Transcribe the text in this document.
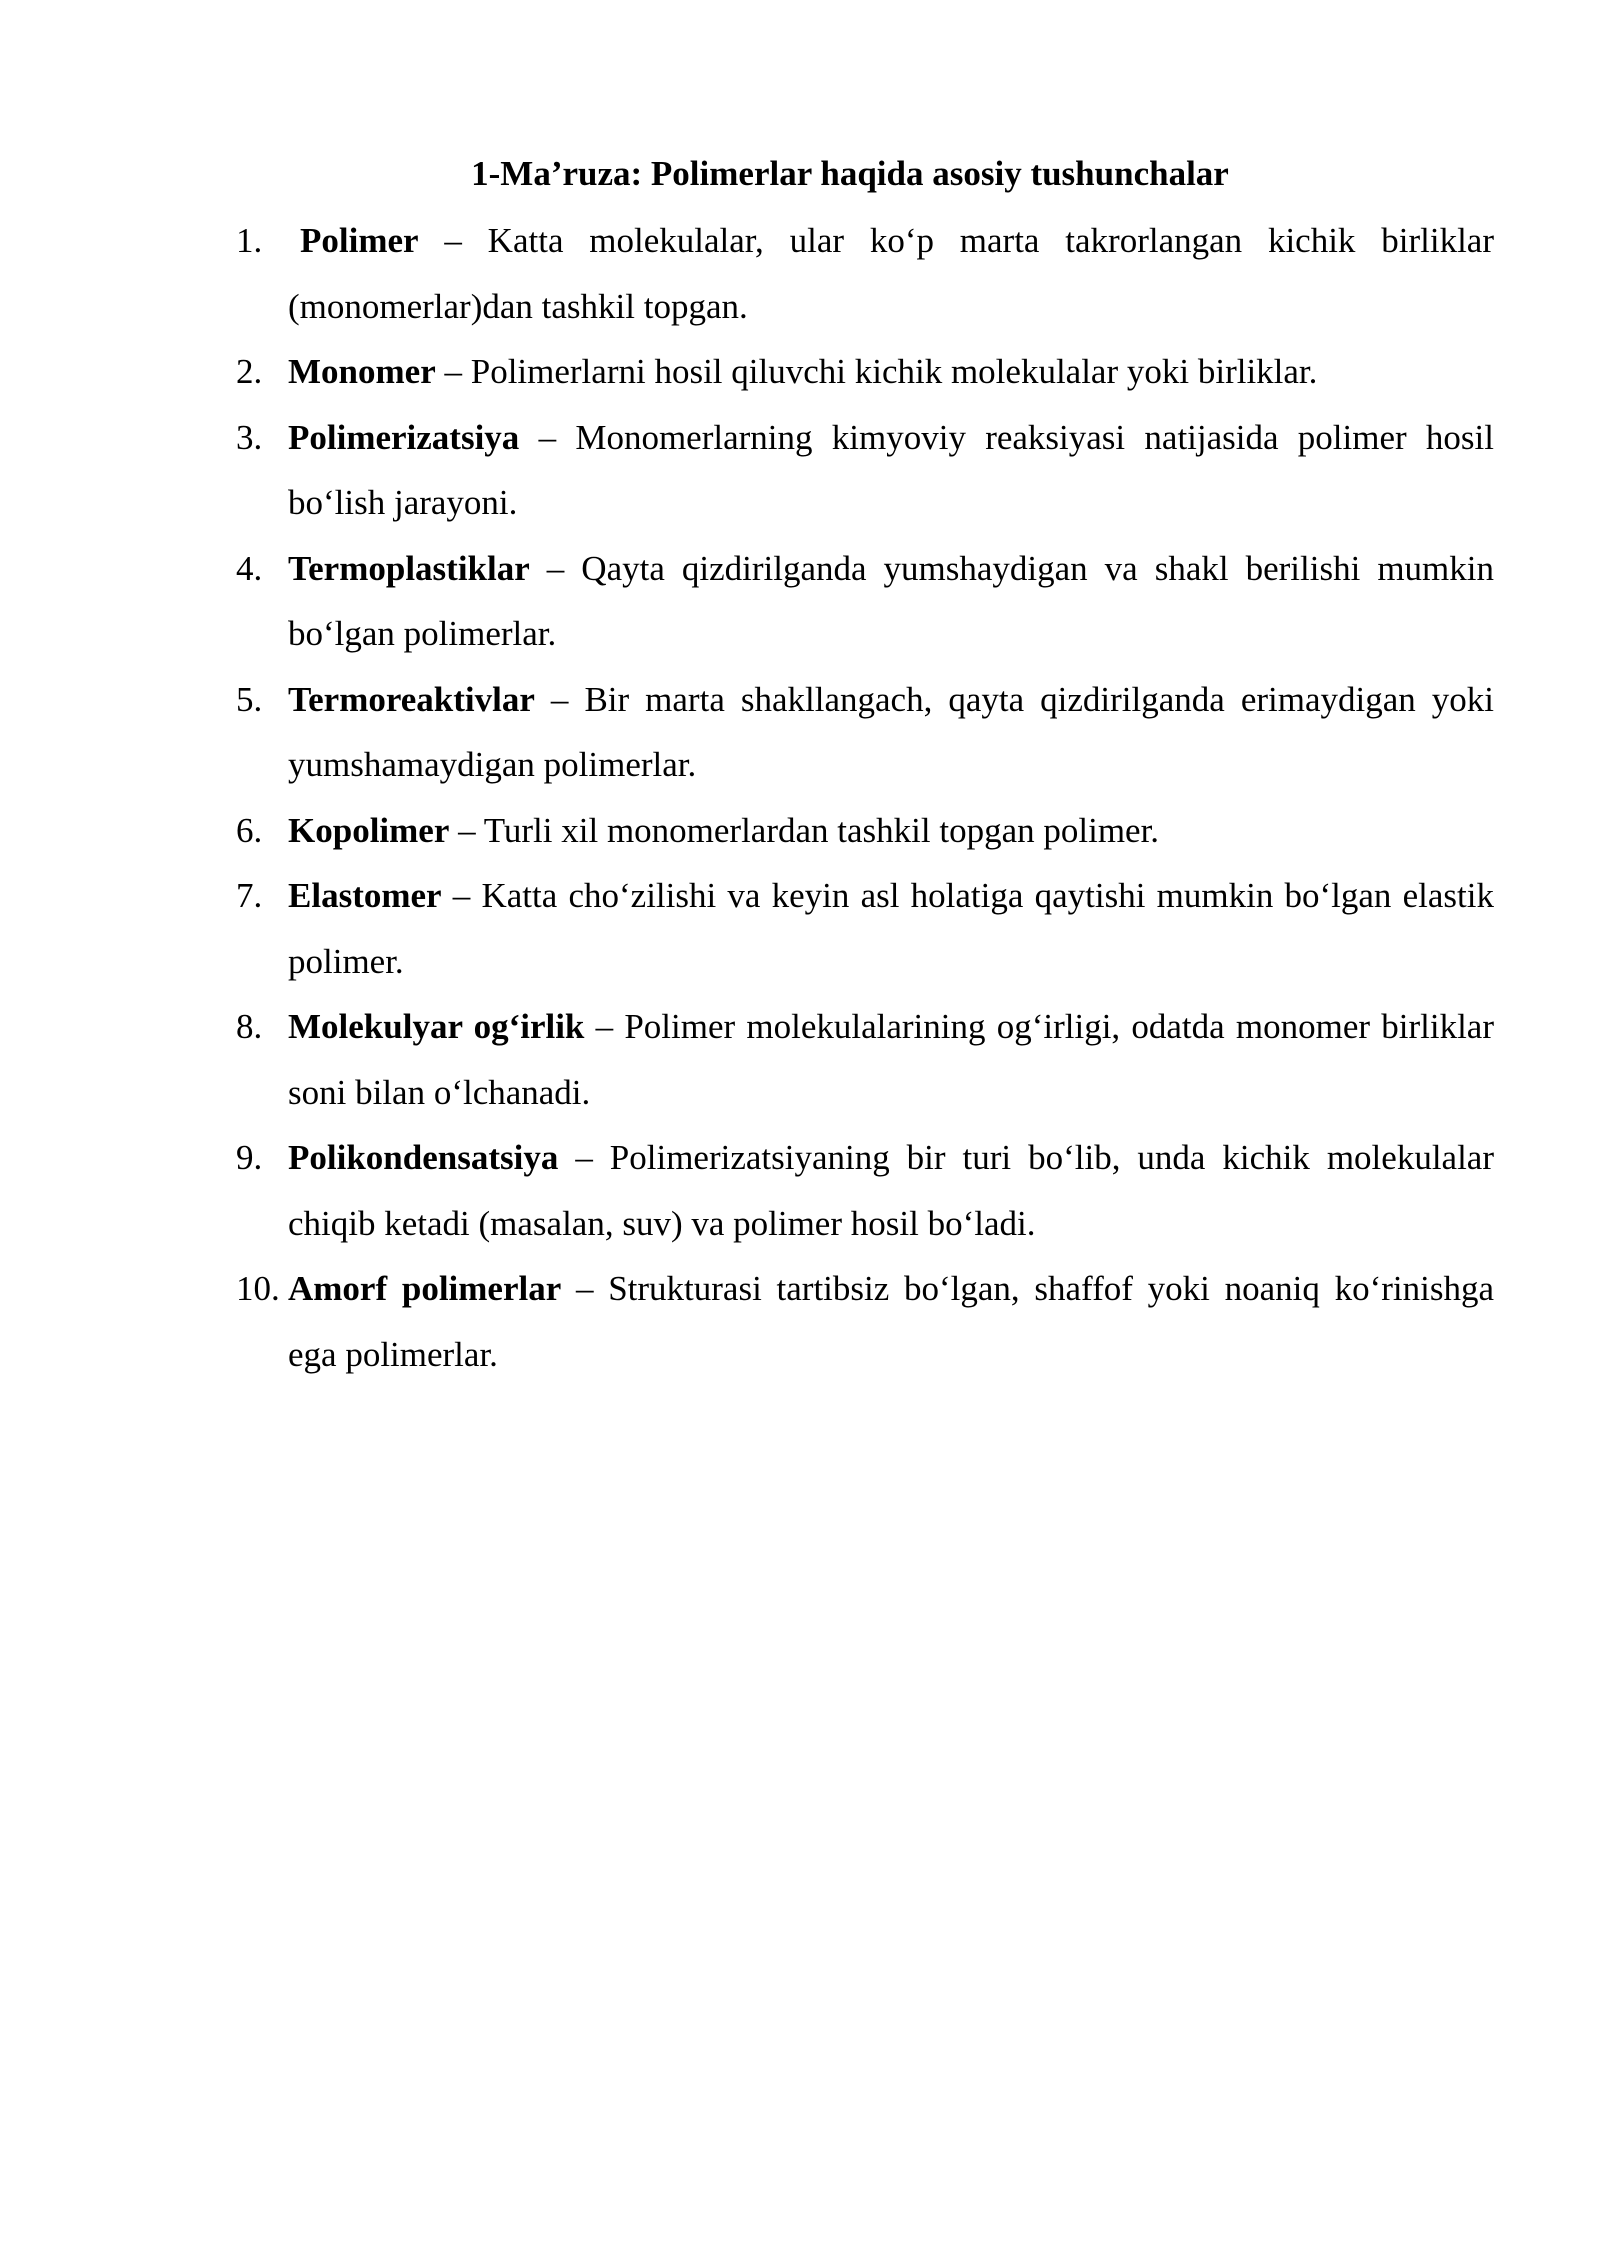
1-Ma’ruza: Polimerlar haqida asosiy tushunchalar
1. Polimer – Katta molekulalar, ular ko‘p marta takrorlangan kichik birliklar (monomerlar)dan tashkil topgan.
2. Monomer – Polimerlarni hosil qiluvchi kichik molekulalar yoki birliklar.
3. Polimerizatsiya – Monomerlarning kimyoviy reaksiyasi natijasida polimer hosil bo‘lish jarayoni.
4. Termoplastiklar – Qayta qizdirilganda yumshaydigan va shakl berilishi mumkin bo‘lgan polimerlar.
5. Termoreaktivlar – Bir marta shakllangach, qayta qizdirilganda erimaydigan yoki yumshamaydigan polimerlar.
6. Kopolimer – Turli xil monomerlardan tashkil topgan polimer.
7. Elastomer – Katta cho‘zilishi va keyin asl holatiga qaytishi mumkin bo‘lgan elastik polimer.
8. Molekulyar og‘irlik – Polimer molekulalarining og‘irligi, odatda monomer birliklar soni bilan o‘lchanadi.
9. Polikondensatsiya – Polimerizatsiyaning bir turi bo‘lib, unda kichik molekulalar chiqib ketadi (masalan, suv) va polimer hosil bo‘ladi.
10. Amorf polimerlar – Strukturasi tartibsiz bo‘lgan, shaffof yoki noaniq ko‘rinishga ega polimerlar.
